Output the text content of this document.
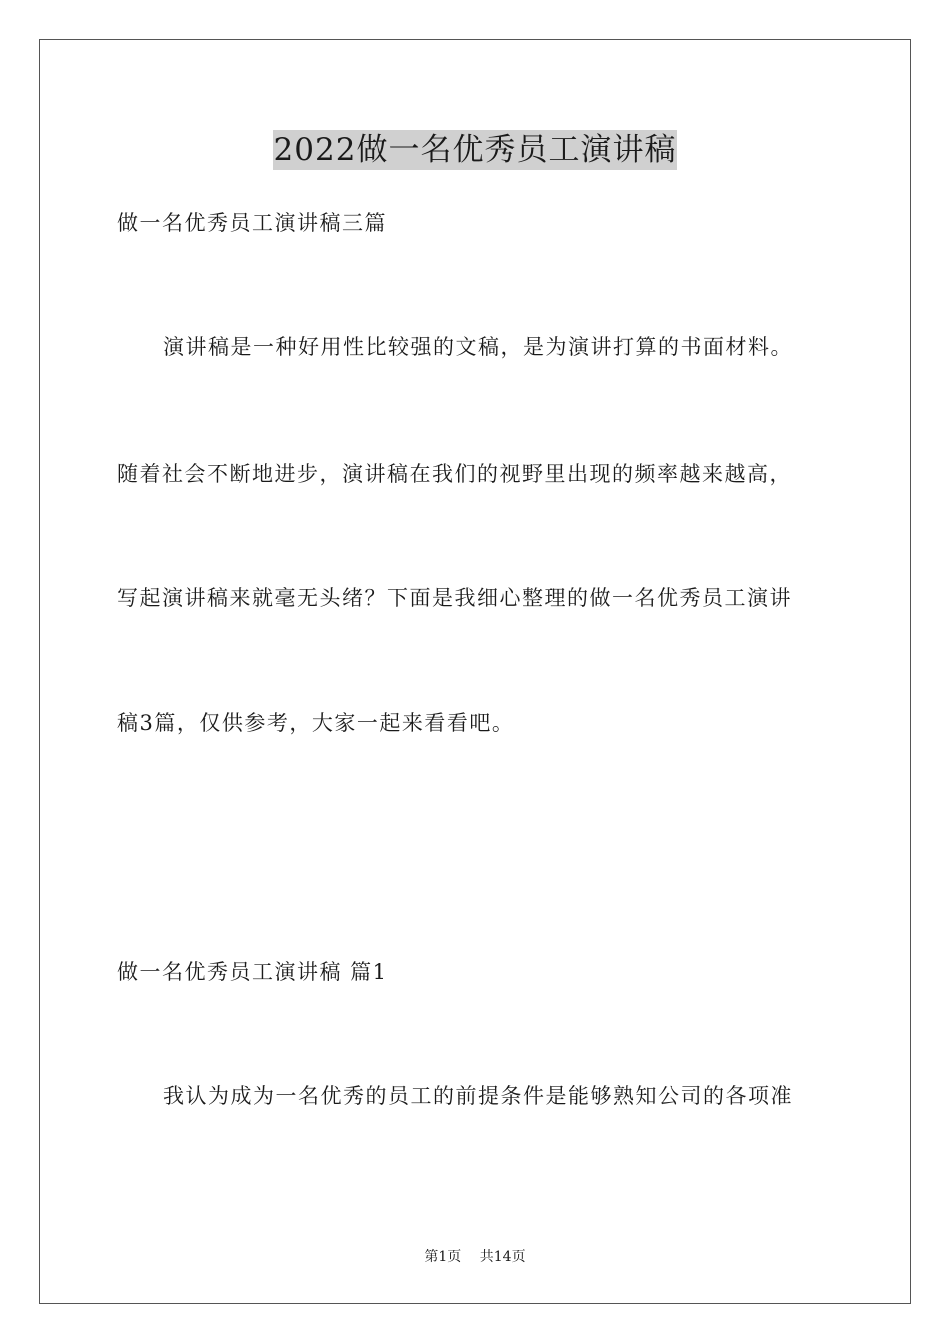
2022做一名优秀员工演讲稿
做一名优秀员工演讲稿三篇
演讲稿是一种好用性比较强的文稿，是为演讲打算的书面材料。
随着社会不断地进步，演讲稿在我们的视野里出现的频率越来越高，
写起演讲稿来就毫无头绪？下面是我细心整理的做一名优秀员工演讲
稿3篇，仅供参考，大家一起来看看吧。
做一名优秀员工演讲稿 篇1
我认为成为一名优秀的员工的前提条件是能够熟知公司的各项准
第1页 共14页
